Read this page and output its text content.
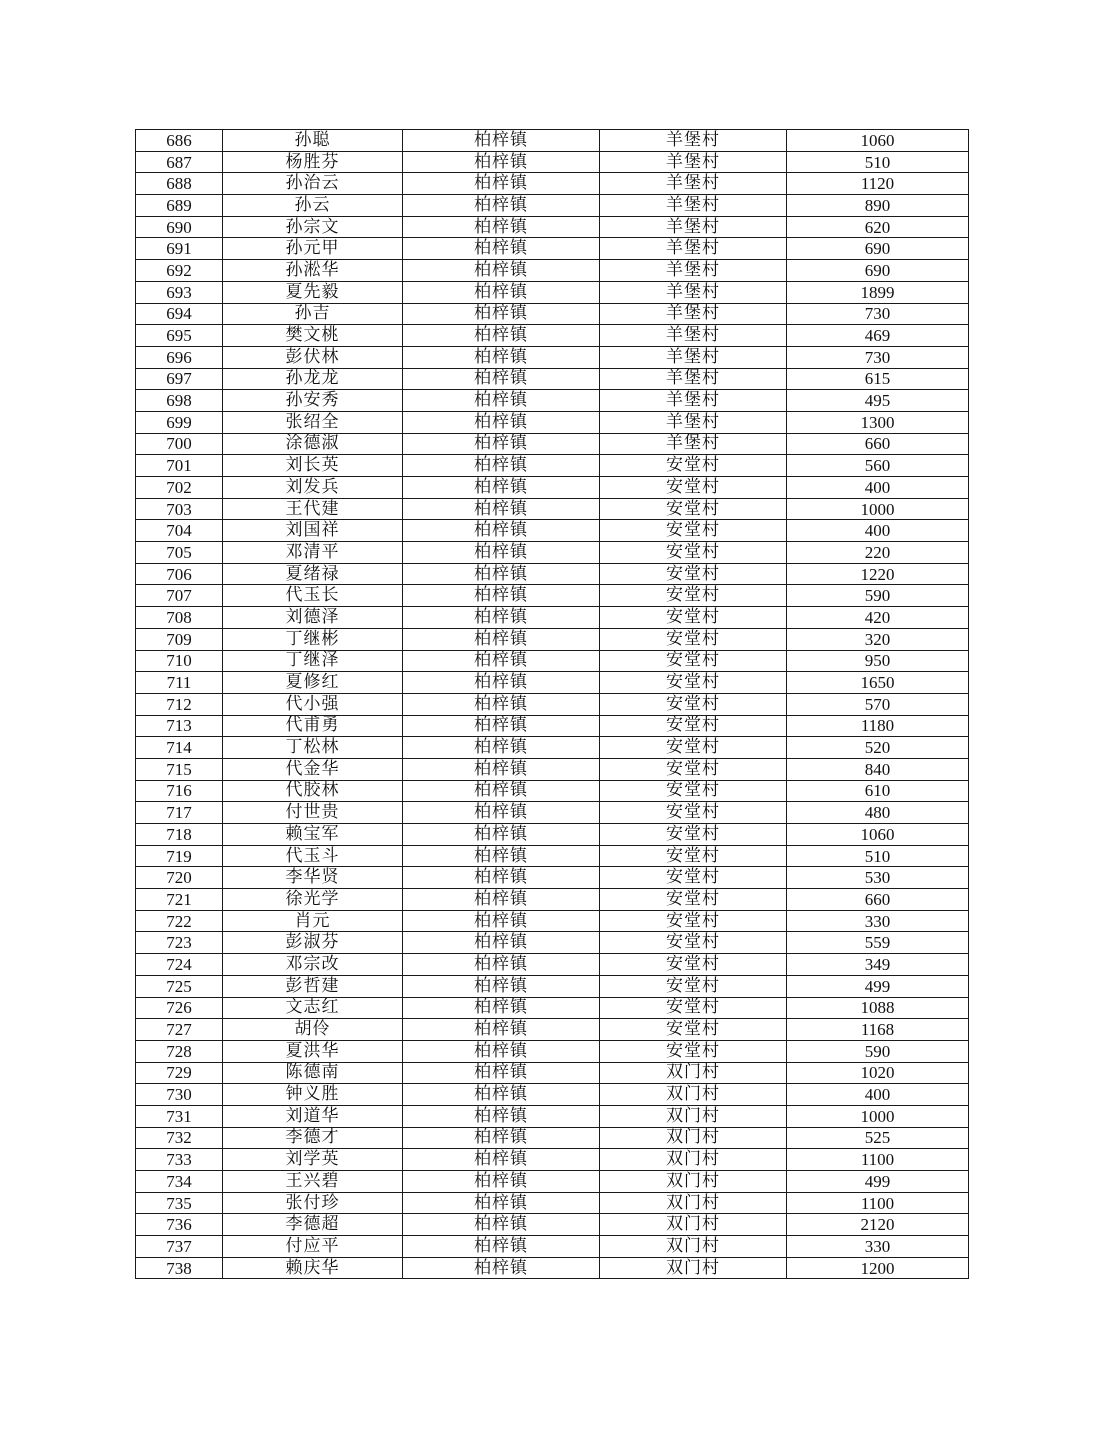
686	孙聪	柏梓镇	羊堡村	1060
687	杨胜芬	柏梓镇	羊堡村	510
688	孙治云	柏梓镇	羊堡村	1120
689	孙云	柏梓镇	羊堡村	890
690	孙宗文	柏梓镇	羊堡村	620
691	孙元甲	柏梓镇	羊堡村	690
692	孙淞华	柏梓镇	羊堡村	690
693	夏先毅	柏梓镇	羊堡村	1899
694	孙吉	柏梓镇	羊堡村	730
695	樊文桃	柏梓镇	羊堡村	469
696	彭伏林	柏梓镇	羊堡村	730
697	孙龙龙	柏梓镇	羊堡村	615
698	孙安秀	柏梓镇	羊堡村	495
699	张绍全	柏梓镇	羊堡村	1300
700	涂德淑	柏梓镇	羊堡村	660
701	刘长英	柏梓镇	安堂村	560
702	刘发兵	柏梓镇	安堂村	400
703	王代建	柏梓镇	安堂村	1000
704	刘国祥	柏梓镇	安堂村	400
705	邓清平	柏梓镇	安堂村	220
706	夏绪禄	柏梓镇	安堂村	1220
707	代玉长	柏梓镇	安堂村	590
708	刘德泽	柏梓镇	安堂村	420
709	丁继彬	柏梓镇	安堂村	320
710	丁继泽	柏梓镇	安堂村	950
711	夏修红	柏梓镇	安堂村	1650
712	代小强	柏梓镇	安堂村	570
713	代甫勇	柏梓镇	安堂村	1180
714	丁松林	柏梓镇	安堂村	520
715	代金华	柏梓镇	安堂村	840
716	代胶林	柏梓镇	安堂村	610
717	付世贵	柏梓镇	安堂村	480
718	赖宝军	柏梓镇	安堂村	1060
719	代玉斗	柏梓镇	安堂村	510
720	李华贤	柏梓镇	安堂村	530
721	徐光学	柏梓镇	安堂村	660
722	肖元	柏梓镇	安堂村	330
723	彭淑芬	柏梓镇	安堂村	559
724	邓宗改	柏梓镇	安堂村	349
725	彭哲建	柏梓镇	安堂村	499
726	文志红	柏梓镇	安堂村	1088
727	胡伶	柏梓镇	安堂村	1168
728	夏洪华	柏梓镇	安堂村	590
729	陈德南	柏梓镇	双门村	1020
730	钟义胜	柏梓镇	双门村	400
731	刘道华	柏梓镇	双门村	1000
732	李德才	柏梓镇	双门村	525
733	刘学英	柏梓镇	双门村	1100
734	王兴碧	柏梓镇	双门村	499
735	张付珍	柏梓镇	双门村	1100
736	李德超	柏梓镇	双门村	2120
737	付应平	柏梓镇	双门村	330
738	赖庆华	柏梓镇	双门村	1200
